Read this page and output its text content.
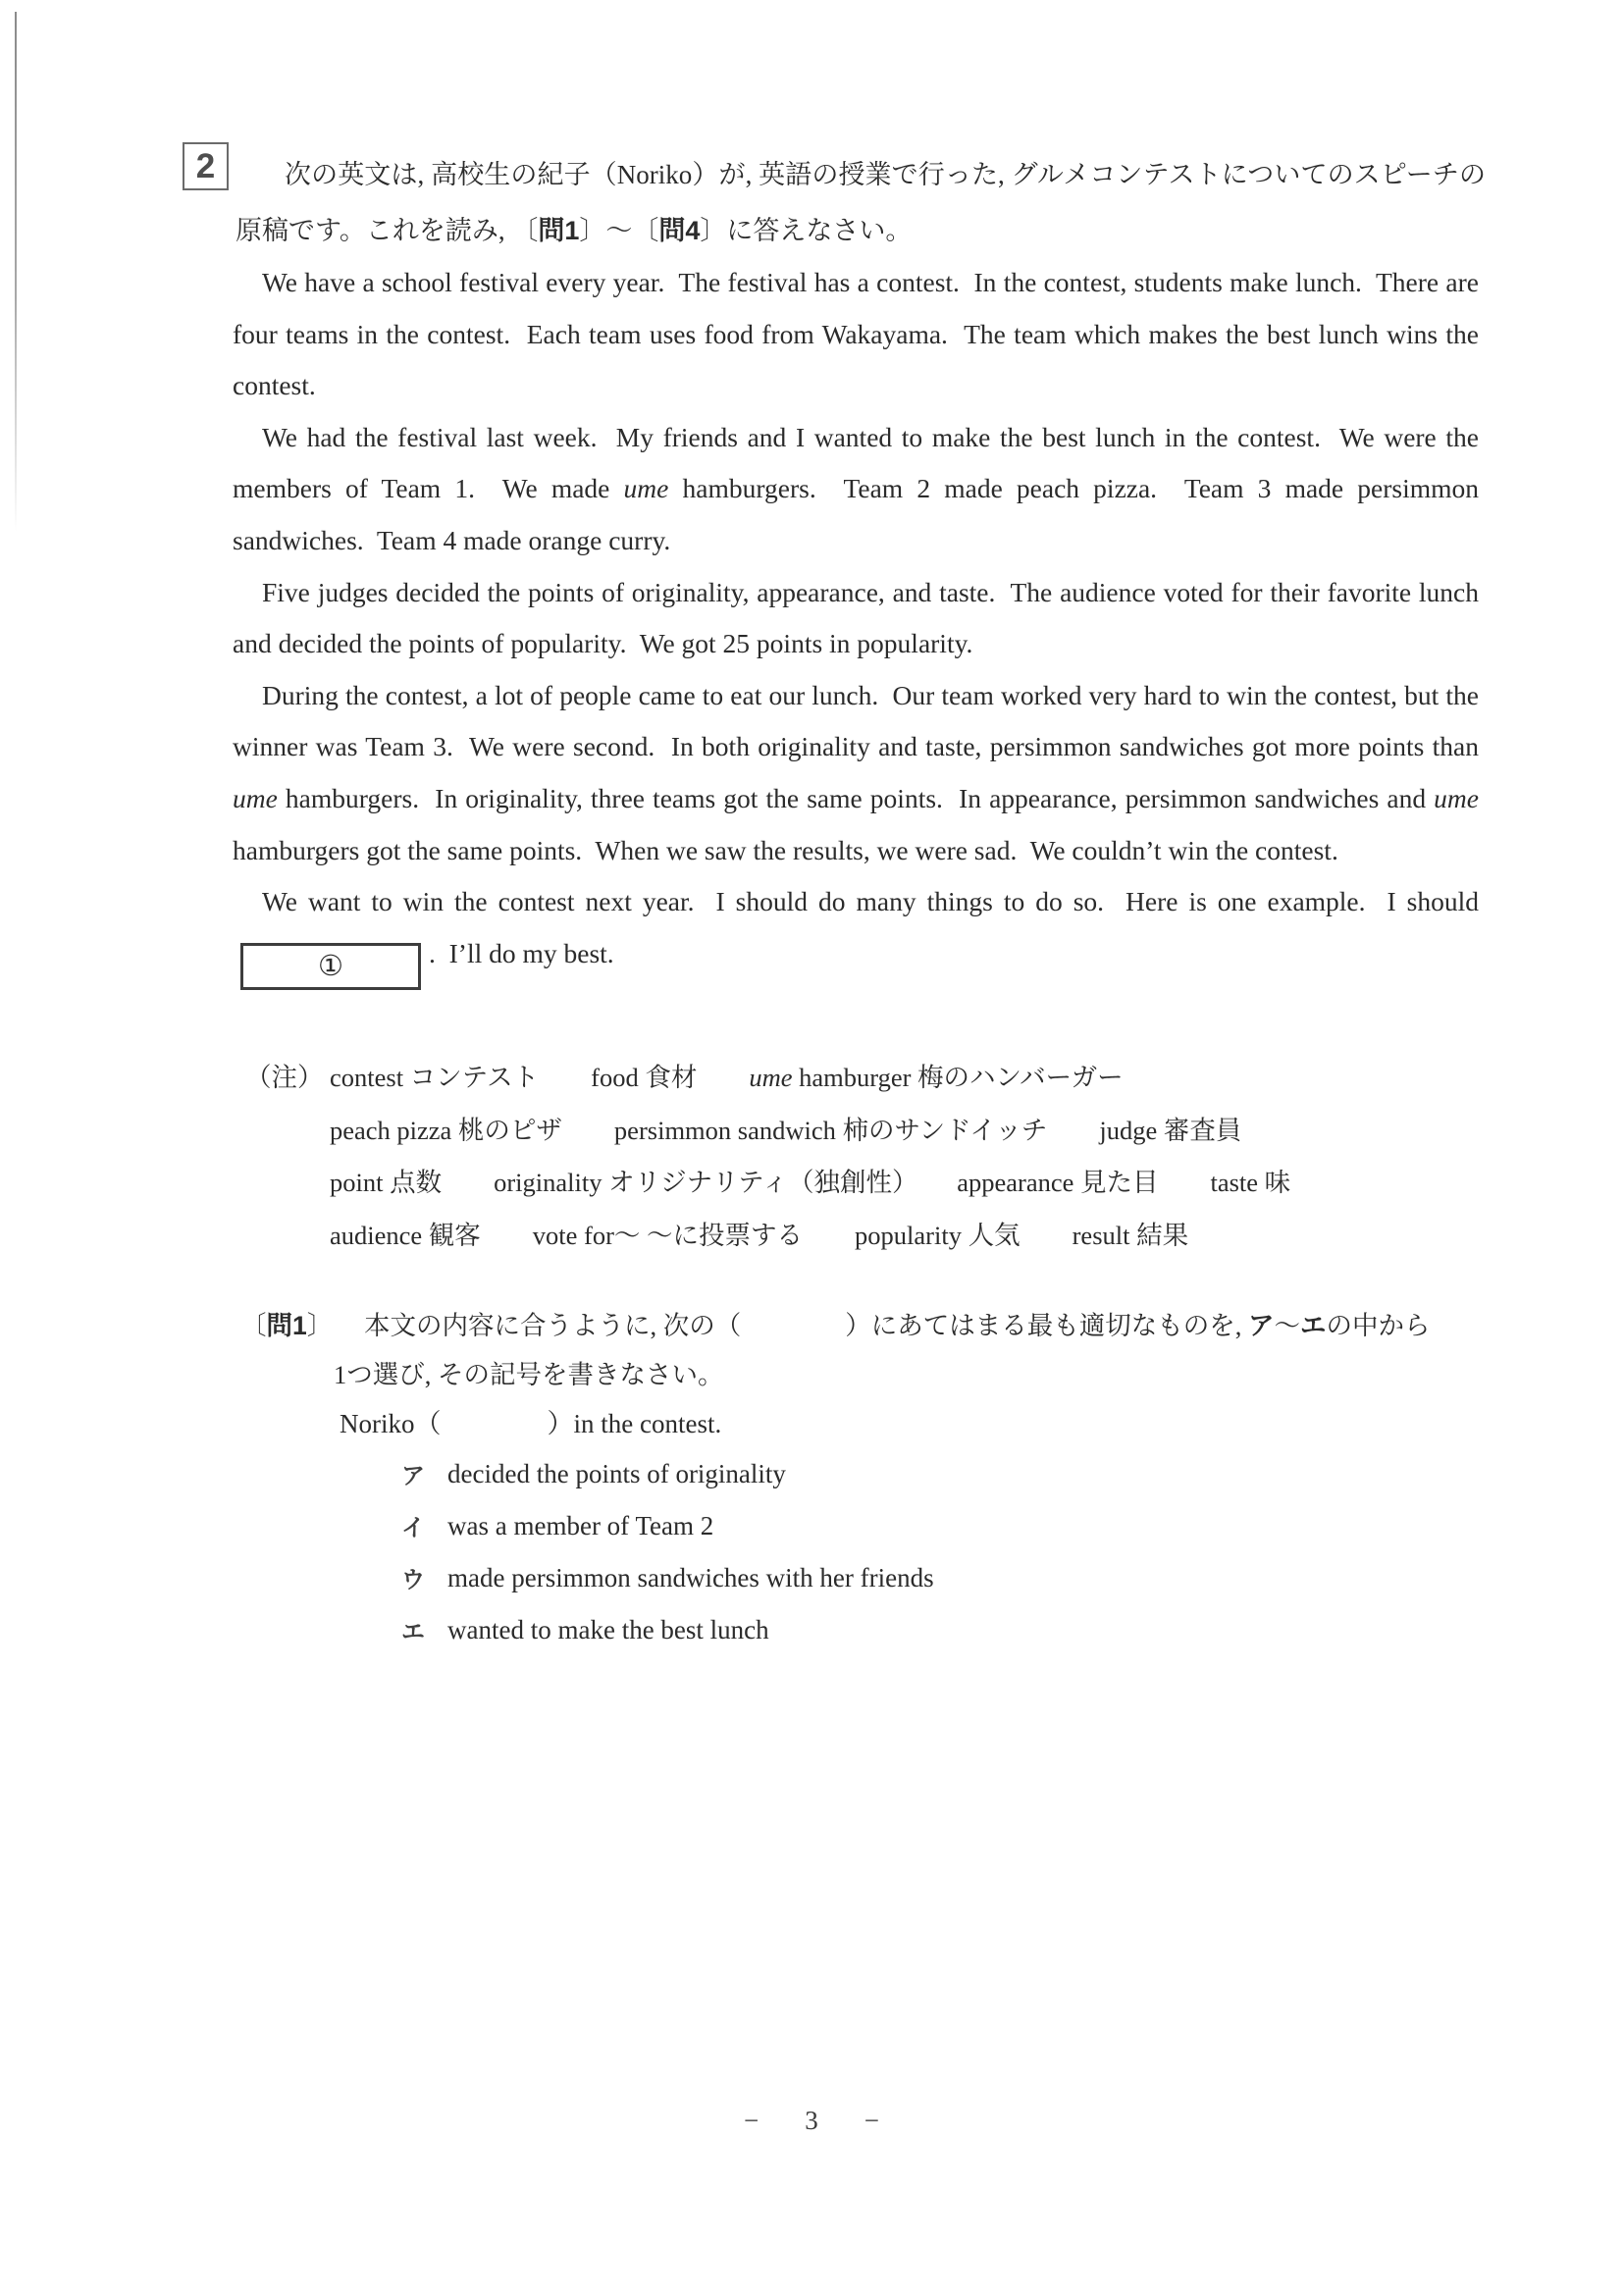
2	次の英文は, 高校生の紀子（Noriko）が, 英語の授業で行った, グルメコンテストについてのスピーチの原稿です。これを読み, 〔問1〕～〔問4〕に答えなさい。

We have a school festival every year.  The festival has a contest.  In the contest, students make lunch.  There are four teams in the contest.  Each team uses food from Wakayama.  The team which makes the best lunch wins the contest.

We had the festival last week.  My friends and I wanted to make the best lunch in the contest.  We were the members of Team 1.  We made ume hamburgers.  Team 2 made peach pizza.  Team 3 made persimmon sandwiches.  Team 4 made orange curry.

Five judges decided the points of originality, appearance, and taste.  The audience voted for their favorite lunch and decided the points of popularity.  We got 25 points in popularity.

During the contest, a lot of people came to eat our lunch.  Our team worked very hard to win the contest, but the winner was Team 3.  We were second.  In both originality and taste, persimmon sandwiches got more points than ume hamburgers.  In originality, three teams got the same points.  In appearance, persimmon sandwiches and ume hamburgers got the same points.  When we saw the results, we were sad.  We couldn’t win the contest.

We want to win the contest next year.  I should do many things to do so.  Here is one example.  I should ①	.  I’ll do my best.

（注） contest コンテスト　　food 食材　　ume hamburger 梅のハンバーガー
peach pizza 桃のピザ　　persimmon sandwich 柿のサンドイッチ　　judge 審査員
point 点数　　originality オリジナリティ（独創性）　　appearance 見た目　　taste 味
audience 観客　　vote for～ ～に投票する　　popularity 人気　　result 結果
〔問1〕	本文の内容に合うように, 次の（　　　　）にあてはまる最も適切なものを, ア～エの中から
1つ選び, その記号を書きなさい。
Noriko（　　　　）in the contest.
ア decided the points of originality
イ was a member of Team 2
ウ made persimmon sandwiches with her friends
エ wanted to make the best lunch
− 3 −
